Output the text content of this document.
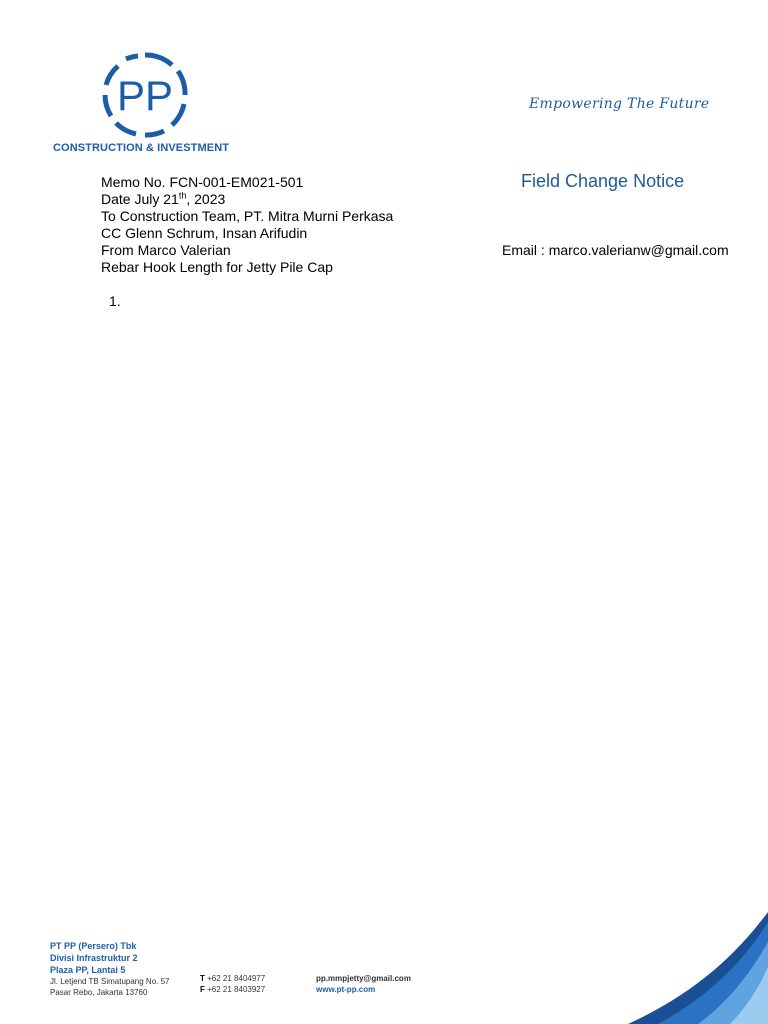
PP
CONSTRUCTION & INVESTMENT
Empowering The Future
Field Change Notice
Memo No. FCN-001-EM021-501
Date July 21th, 2023
To Construction Team, PT. Mitra Murni Perkasa
CC Glenn Schrum, Insan Arifudin
From Marco Valerian
Rebar Hook Length for Jetty Pile Cap
Email : marco.valerianw@gmail.com
1.
PT PP (Persero) Tbk
Divisi Infrastruktur 2
Plaza PP, Lantai 5
Jl. Letjend TB Simatupang No. 57
Pasar Rebo, Jakarta 13760
T +62 21 8404977
F +62 21 8403927
pp.mmpjetty@gmail.com
www.pt-pp.com
